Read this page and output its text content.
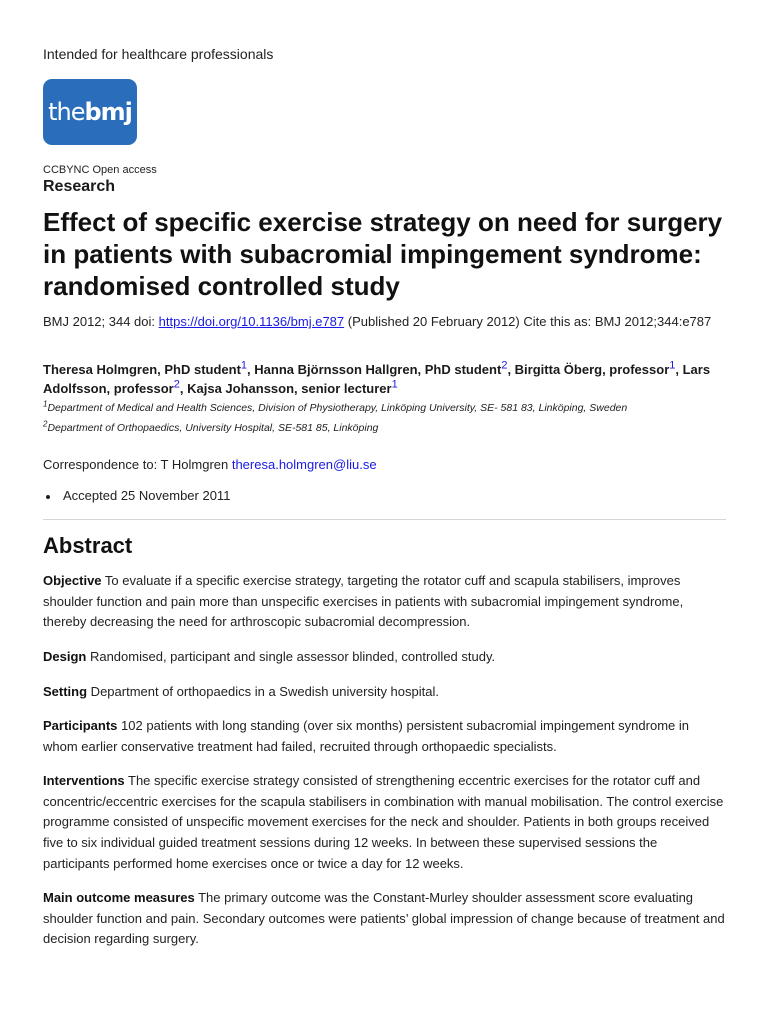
Intended for healthcare professionals
the bmj
CCBYNC Open access
Research
Effect of specific exercise strategy on need for surgery in patients with subacromial impingement syndrome: randomised controlled study
BMJ 2012; 344 doi: https://doi.org/10.1136/bmj.e787 (Published 20 February 2012) Cite this as: BMJ 2012;344:e787
Theresa Holmgren, PhD student$^1$, Hanna Björnsson Hallgren, PhD student$^2$, Birgitta Öberg, professor$^1$, Lars Adolfsson, professor$^2$, Kajsa Johansson, senior lecturer$^1$
$^1$Department of Medical and Health Sciences, Division of Physiotherapy, Linköping University, SE- 581 83, Linköping, Sweden
$^2$Department of Orthopaedics, University Hospital, SE-581 85, Linköping
Correspondence to: T Holmgren theresa.holmgren@liu.se
Accepted 25 November 2011
Abstract

Objective To evaluate if a specific exercise strategy, targeting the rotator cuff and scapula stabilisers, improves shoulder function and pain more than unspecific exercises in patients with subacromial impingement syndrome, thereby decreasing the need for arthroscopic subacromial decompression.

Design Randomised, participant and single assessor blinded, controlled study.

Setting Department of orthopaedics in a Swedish university hospital.

Participants 102 patients with long standing (over six months) persistent subacromial impingement syndrome in whom earlier conservative treatment had failed, recruited through orthopaedic specialists.

Interventions The specific exercise strategy consisted of strengthening eccentric exercises for the rotator cuff and concentric/eccentric exercises for the scapula stabilisers in combination with manual mobilisation. The control exercise programme consisted of unspecific movement exercises for the neck and shoulder. Patients in both groups received five to six individual guided treatment sessions during 12 weeks. In between these supervised sessions the participants performed home exercises once or twice a day for 12 weeks.

Main outcome measures The primary outcome was the Constant-Murley shoulder assessment score evaluating shoulder function and pain. Secondary outcomes were patients’ global impression of change because of treatment and decision regarding surgery.
